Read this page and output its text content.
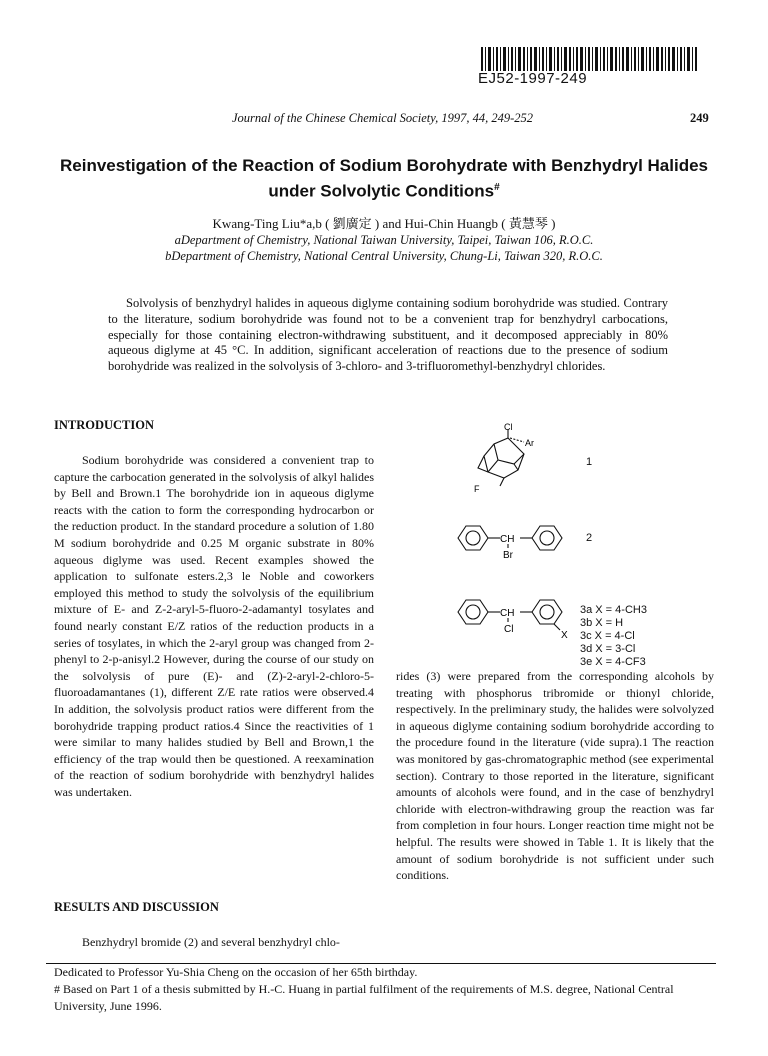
EJ52-1997-249
Journal of the Chinese Chemical Society, 1997, 44, 249-252	249
Reinvestigation of the Reaction of Sodium Borohydrate with Benzhydryl Halides under Solvolytic Conditions#
Kwang-Ting Liu*a,b ( 劉廣定 ) and Hui-Chin Huangb ( 黃慧琴 )
aDepartment of Chemistry, National Taiwan University, Taipei, Taiwan 106, R.O.C.
bDepartment of Chemistry, National Central University, Chung-Li, Taiwan 320, R.O.C.
Solvolysis of benzhydryl halides in aqueous diglyme containing sodium borohydride was studied. Contrary to the literature, sodium borohydride was found not to be a convenient trap for benzhydryl carbocations, especially for those containing electron-withdrawing substituent, and it decomposed appreciably in 80% aqueous diglyme at 45 °C. In addition, significant acceleration of reactions due to the presence of sodium borohydride was realized in the solvolysis of 3-chloro- and 3-trifluoromethyl-benzhydryl chlorides.
INTRODUCTION

Sodium borohydride was considered a convenient trap to capture the carbocation generated in the solvolysis of alkyl halides by Bell and Brown.1 The borohydride ion in aqueous diglyme reacts with the cation to form the corresponding hydrocarbon or the reduction product. In the standard procedure a solution of 1.80 M sodium borohydride and 0.25 M organic substrate in 80% aqueous diglyme was used. Recent examples showed the application to sulfonate esters.2,3 le Noble and coworkers employed this method to study the solvolysis of the equilibrium mixture of E- and Z-2-aryl-5-fluoro-2-adamantyl tosylates and found nearly constant E/Z ratios of the reduction products in a series of tosylates, in which the 2-aryl group was changed from 2-phenyl to 2-p-anisyl.2 However, during the course of our study on the solvolysis of pure (E)- and (Z)-2-aryl-2-chloro-5-fluoroadamantanes (1), different Z/E rate ratios were observed.4 In addition, the solvolysis product ratios were different from the borohydride trapping product ratios.4 Since the reactivities of 1 were similar to many halides studied by Bell and Brown,1 the efficiency of the trap would then be questioned. A reexamination of the reaction of sodium borohydride with benzhydryl halides was undertaken.

RESULTS AND DISCUSSION

Benzhydryl bromide (2) and several benzhydryl chlo-

Cl
Ar
F
1
CH
Br
2
CH
Cl
X
3a X = 4-CH3
3b X = H
3c X = 4-Cl
3d X = 3-Cl
3e X = 4-CF3

rides (3) were prepared from the corresponding alcohols by treating with phosphorus tribromide or thionyl chloride, respectively. In the preliminary study, the halides were solvolyzed in aqueous diglyme containing sodium borohydride according to the procedure found in the literature (vide supra).1 The reaction was monitored by gas-chromatographic method (see experimental section). Contrary to those reported in the literature, significant amounts of alcohols were found, and in the case of benzhydryl chloride with electron-withdrawing group the reaction was far from completion in four hours. Longer reaction time might not be helpful. The results were showed in Table 1. It is likely that the amount of sodium borohydride is not sufficient under such conditions.

Dedicated to Professor Yu-Shia Cheng on the occasion of her 65th birthday.

# Based on Part 1 of a thesis submitted by H.-C. Huang in partial fulfilment of the requirements of M.S. degree, National Central University, June 1996.
